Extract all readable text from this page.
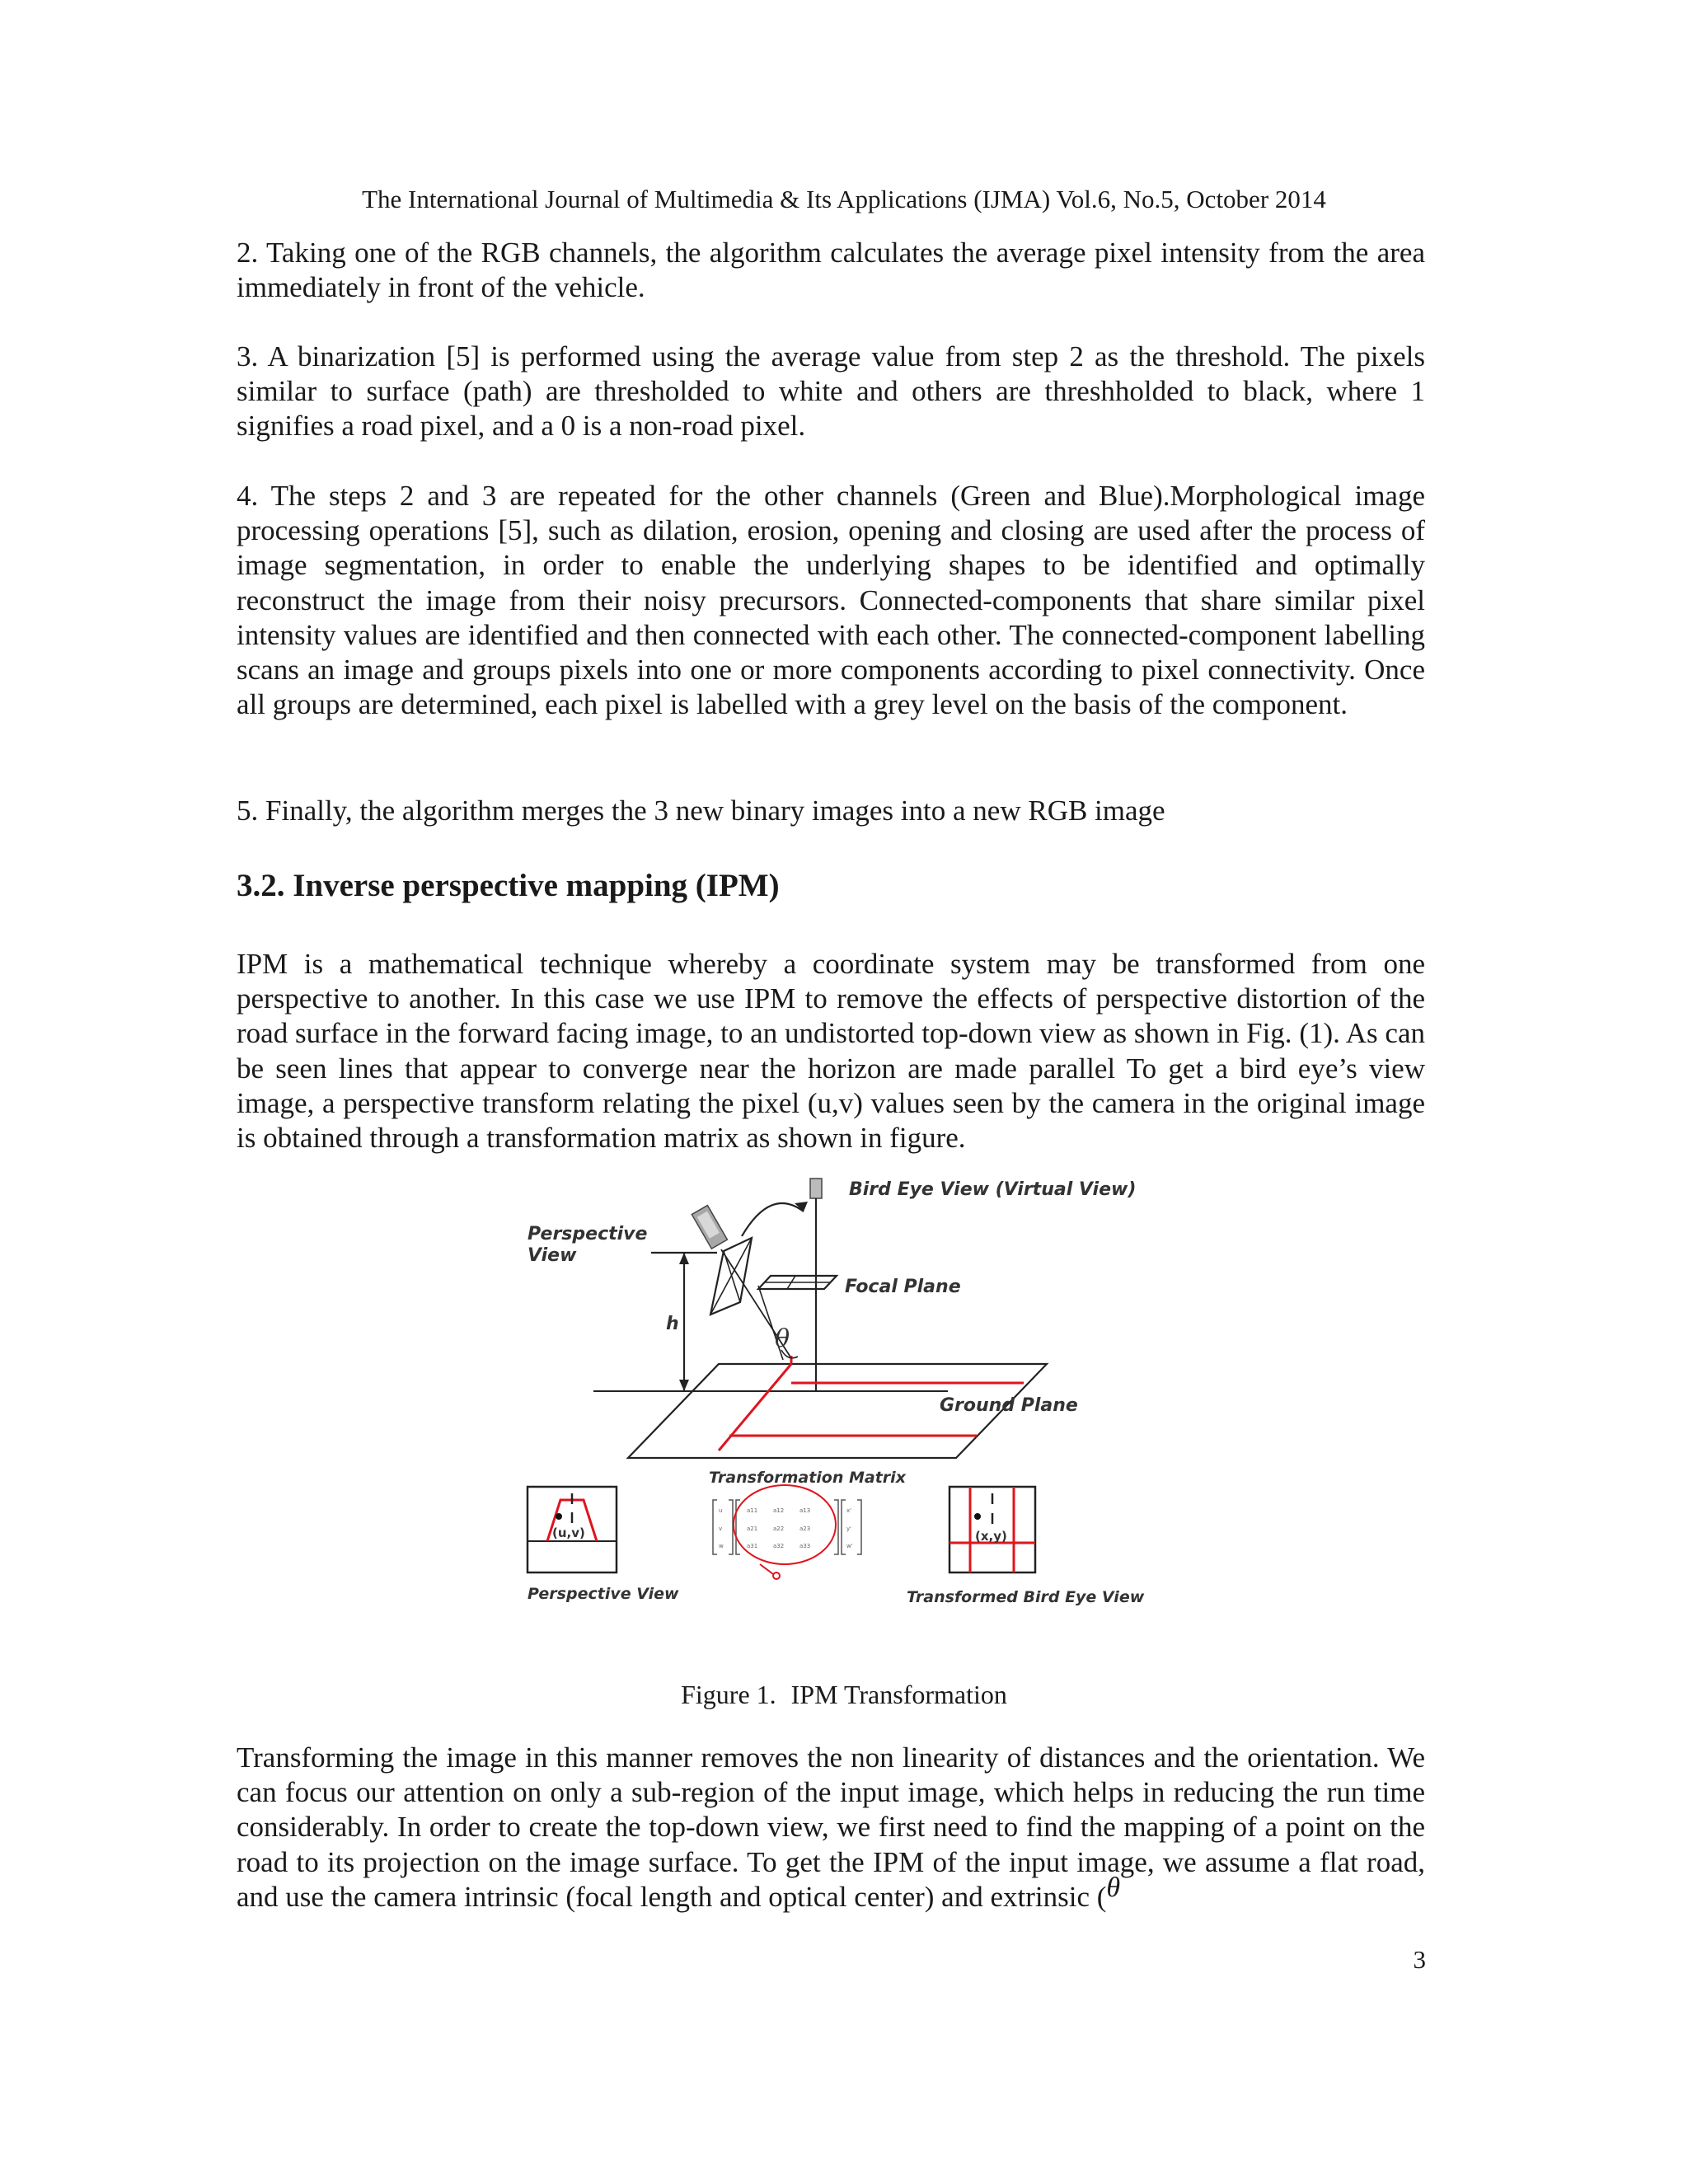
The International Journal of Multimedia & Its Applications (IJMA) Vol.6, No.5, October 2014

2. Taking one of the RGB channels, the algorithm calculates the average pixel intensity from the area immediately in front of the vehicle.

3. A binarization [5] is performed using the average value from step 2 as the threshold. The pixels similar to surface (path) are thresholded to white and others are threshholded to black, where 1 signifies a road pixel, and a 0 is a non-road pixel.

4. The steps 2 and 3 are repeated for the other channels (Green and Blue).Morphological image processing operations [5], such as dilation, erosion, opening and closing are used after the process of image segmentation, in order to enable the underlying shapes to be identified and optimally reconstruct the image from their noisy precursors. Connected-components that share similar pixel intensity values are identified and then connected with each other. The connected-component labelling scans an image and groups pixels into one or more components according to pixel connectivity. Once all groups are determined, each pixel is labelled with a grey level on the basis of the component.

5. Finally, the algorithm merges the 3 new binary images into a new RGB image

3.2. Inverse perspective mapping (IPM)

IPM is a mathematical technique whereby a coordinate system may be transformed from one perspective to another. In this case we use IPM to remove the effects of perspective distortion of the road surface in the forward facing image, to an undistorted top-down view as shown in Fig. (1). As can be seen lines that appear to converge near the horizon are made parallel To get a bird eye’s view image, a perspective transform relating the pixel (u,v) values seen by the camera in the original image is obtained through a transformation matrix as shown in figure.

θ
Bird Eye View (Virtual View)
Perspective
View
Focal Plane
h
Ground Plane
Transformation Matrix
(u,v)
Perspective View
u
v
w
a11	a12	a13
a21	a22	a23
a31	a32	a33
x'
y'
w'
(x,y)
Transformed Bird Eye View
Figure 1. IPM Transformation

Transforming the image in this manner removes the non linearity of distances and the orientation. We can focus our attention on only a sub-region of the input image, which helps in reducing the run time considerably. In order to create the top-down view, we first need to find the mapping of a point on the road to its projection on the image surface. To get the IPM of the input image, we assume a flat road, and use the camera intrinsic (focal length and optical center) and extrinsic (θ

3
